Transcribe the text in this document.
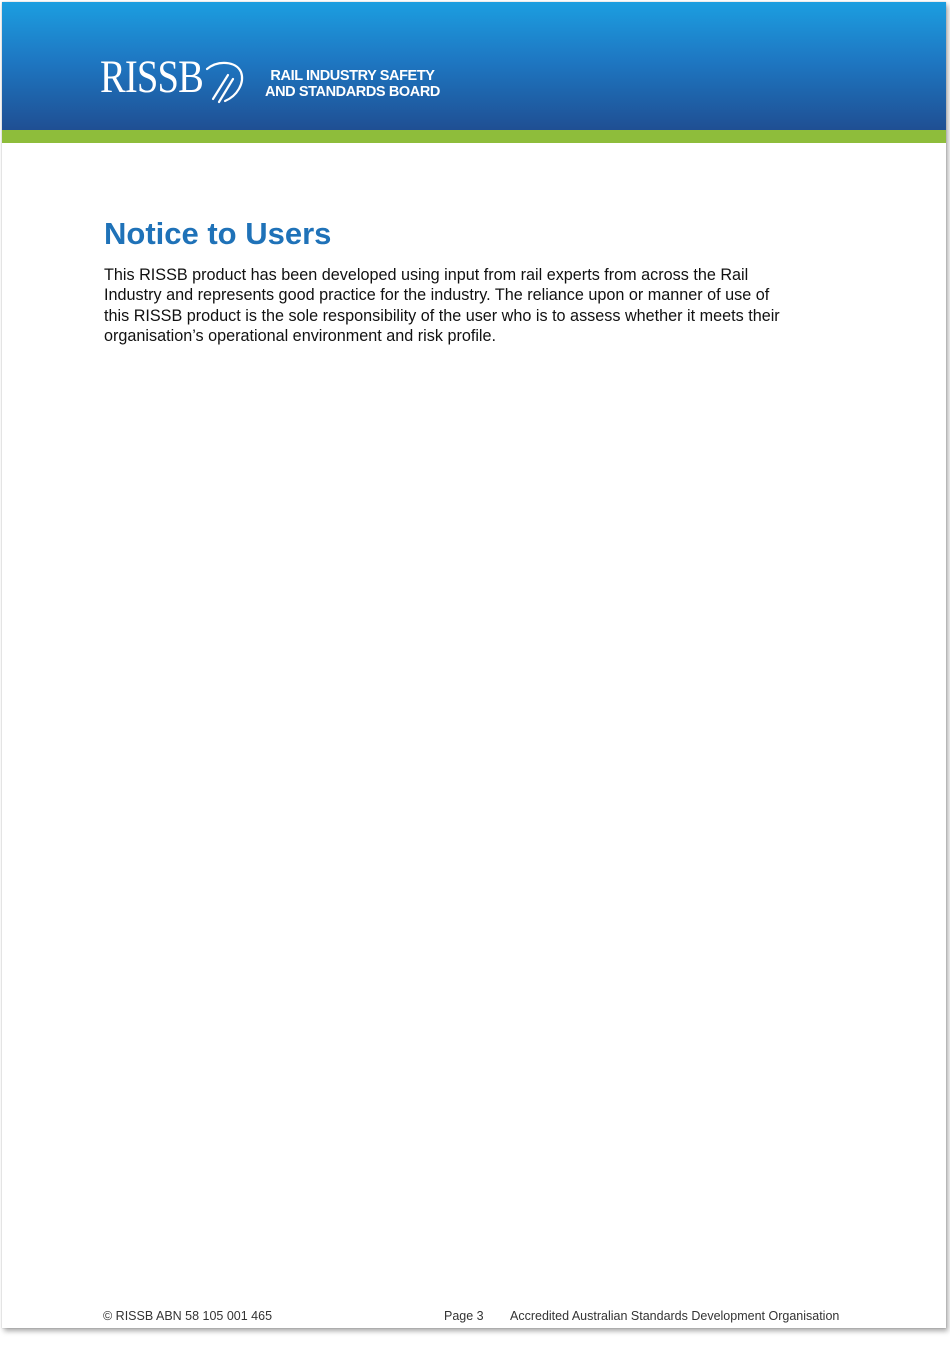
RISSB	RAIL INDUSTRY SAFETY
AND STANDARDS BOARD
Notice to Users
This RISSB product has been developed using input from rail experts from across the Rail
Industry and represents good practice for the industry. The reliance upon or manner of use of
this RISSB product is the sole responsibility of the user who is to assess whether it meets their
organisation’s operational environment and risk profile.
© RISSB ABN 58 105 001 465	Page 3 Accredited Australian Standards Development Organisation
